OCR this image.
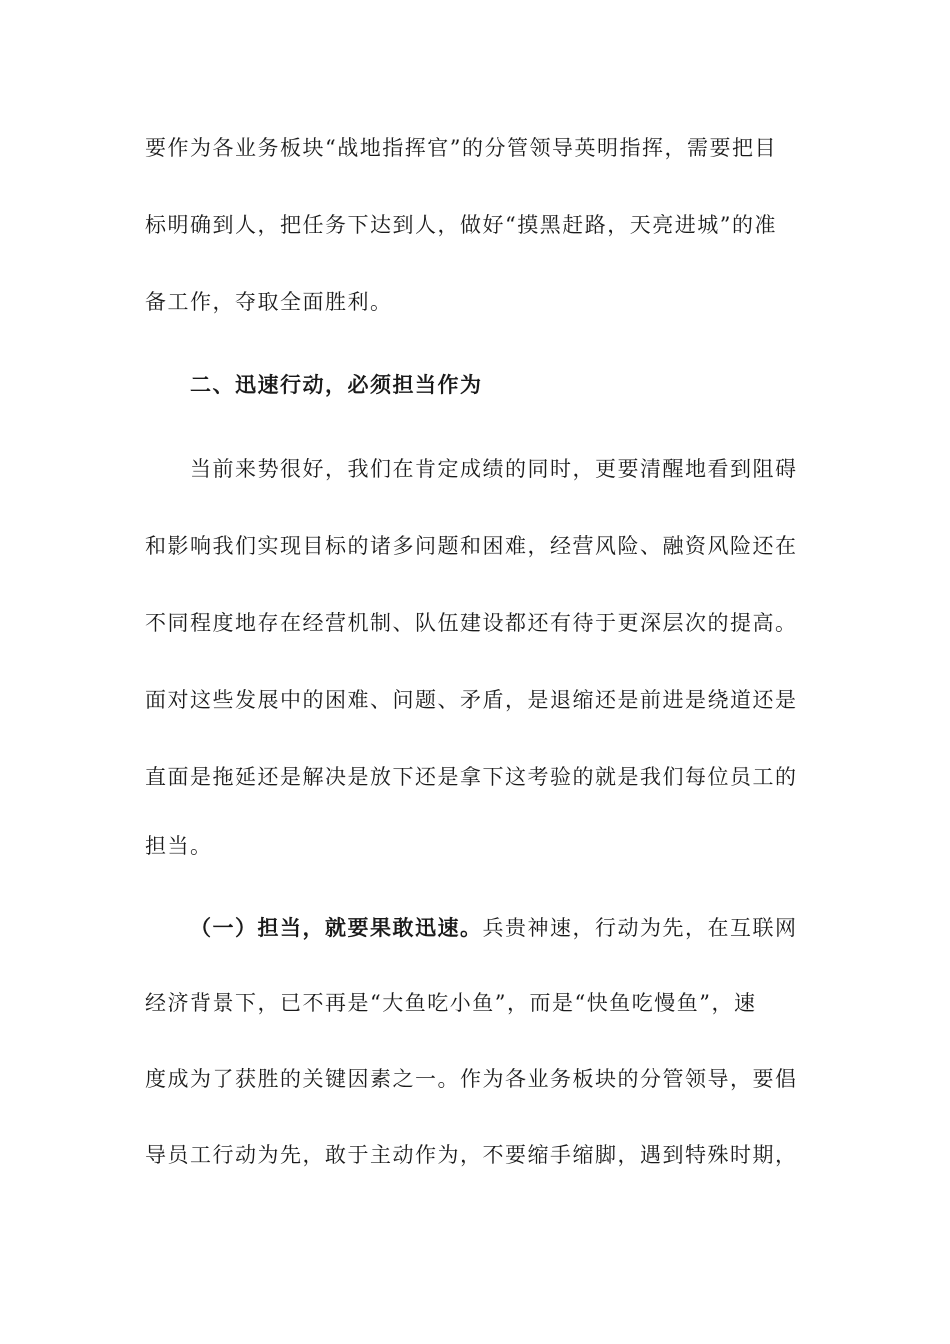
要作为各业务板块“战地指挥官”的分管领导英明指挥，需要把目
标明确到人，把任务下达到人，做好“摸黑赶路，天亮进城”的准
备工作，夺取全面胜利。
二、迅速行动，必须担当作为
当前来势很好，我们在肯定成绩的同时，更要清醒地看到阻碍
和影响我们实现目标的诸多问题和困难，经营风险、融资风险还在
不同程度地存在经营机制、队伍建设都还有待于更深层次的提高。
面对这些发展中的困难、问题、矛盾，是退缩还是前进是绕道还是
直面是拖延还是解决是放下还是拿下这考验的就是我们每位员工的
担当。
（一）担当，就要果敢迅速。兵贵神速，行动为先，在互联网
经济背景下，已不再是“大鱼吃小鱼”，而是“快鱼吃慢鱼”，速
度成为了获胜的关键因素之一。作为各业务板块的分管领导，要倡
导员工行动为先，敢于主动作为，不要缩手缩脚，遇到特殊时期，
